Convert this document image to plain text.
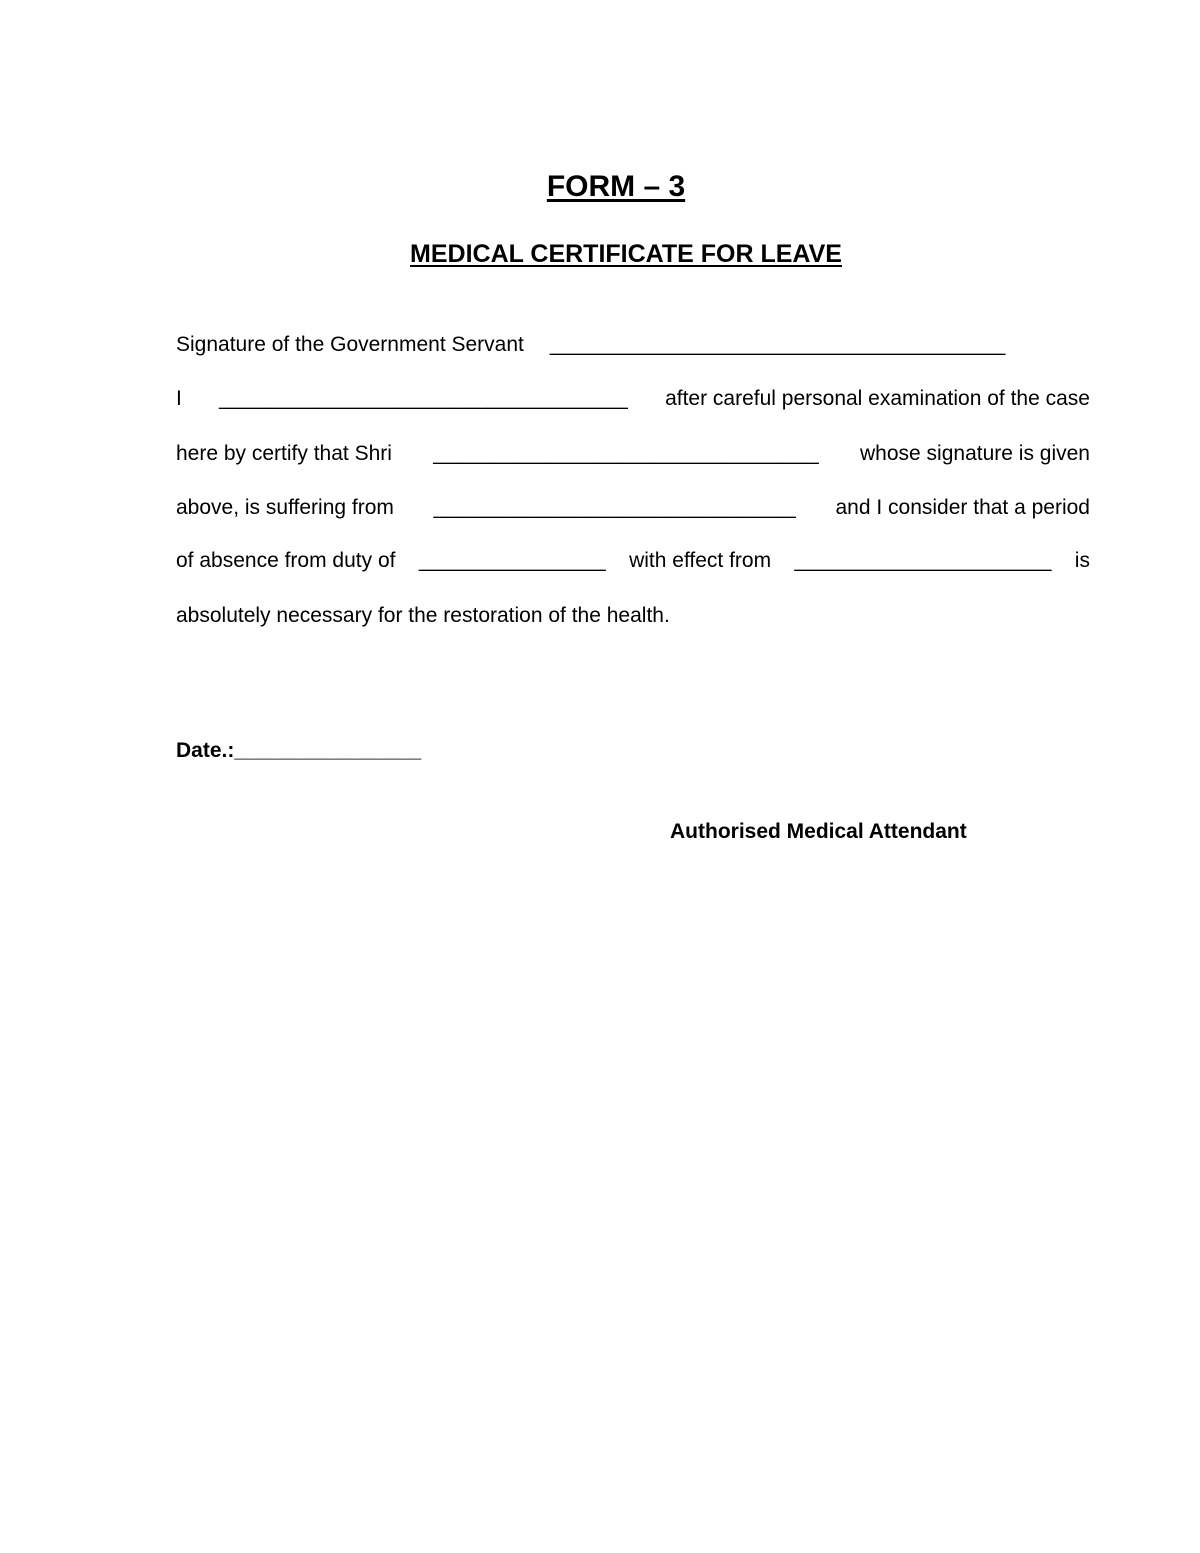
FORM – 3
MEDICAL CERTIFICATE FOR LEAVE
Signature of the Government Servant _______________________________________
I ___________________________________ after careful personal examination of the case
here by certify that Shri _________________________________ whose signature is given
above, is suffering from _______________________________ and I consider that a period
of absence from duty of ________________ with effect from ______________________ is
absolutely necessary for the restoration of the health.
Date.:________________
Authorised Medical Attendant
